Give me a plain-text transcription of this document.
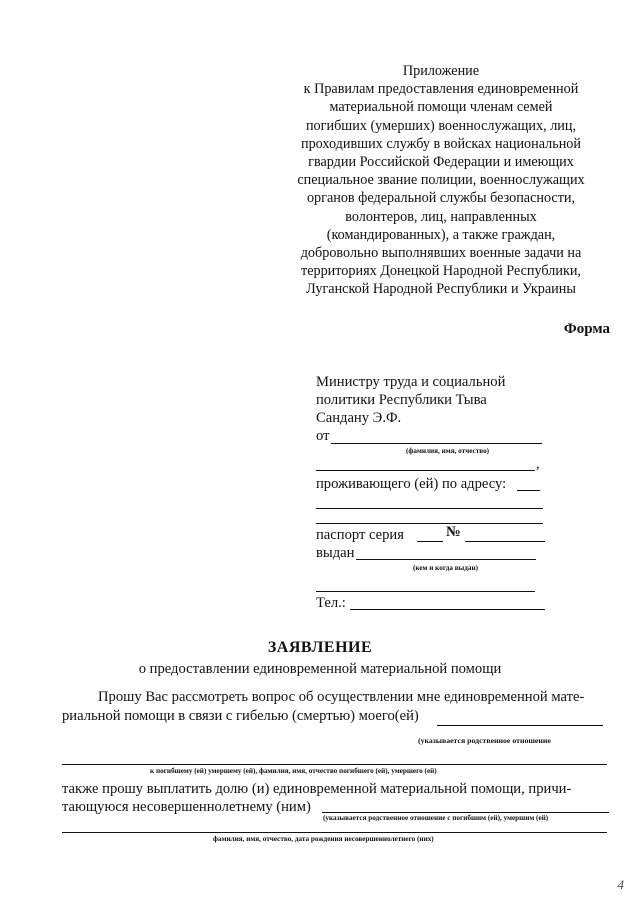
Приложение
к Правилам предоставления единовременной
материальной помощи членам семей
погибших (умерших) военнослужащих, лиц,
проходивших службу в войсках национальной
гвардии Российской Федерации и имеющих
специальное звание полиции, военнослужащих
органов федеральной службы безопасности,
волонтеров, лиц, направленных
(командированных), а также граждан,
добровольно выполнявших военные задачи на
территориях Донецкой Народной Республики,
Луганской Народной Республики и Украины
Форма
Министру труда и социальной
политики Республики Тыва
Сандану Э.Ф.
от
(фамилия, имя, отчество)
,
проживающего (ей) по адресу:
паспорт серия	№
выдан
(кем и когда выдан)
Тел.:
ЗАЯВЛЕНИЕ
о предоставлении единовременной материальной помощи
Прошу Вас рассмотреть вопрос об осуществлении мне единовременной мате-
риальной помощи в связи с гибелью (смертью) моего(ей)
(указывается родственное отношение
к погибшему (ей) умершему (ей), фамилия, имя, отчество погибшего (ей), умершего (ей)
также прошу выплатить долю (и) единовременной материальной помощи, причи-
тающуюся несовершеннолетнему (ним)
(указывается родственное отношение с погибшим (ей), умершим (ей)
фамилия, имя, отчество, дата рождения несовершеннолетнего (них)
4
